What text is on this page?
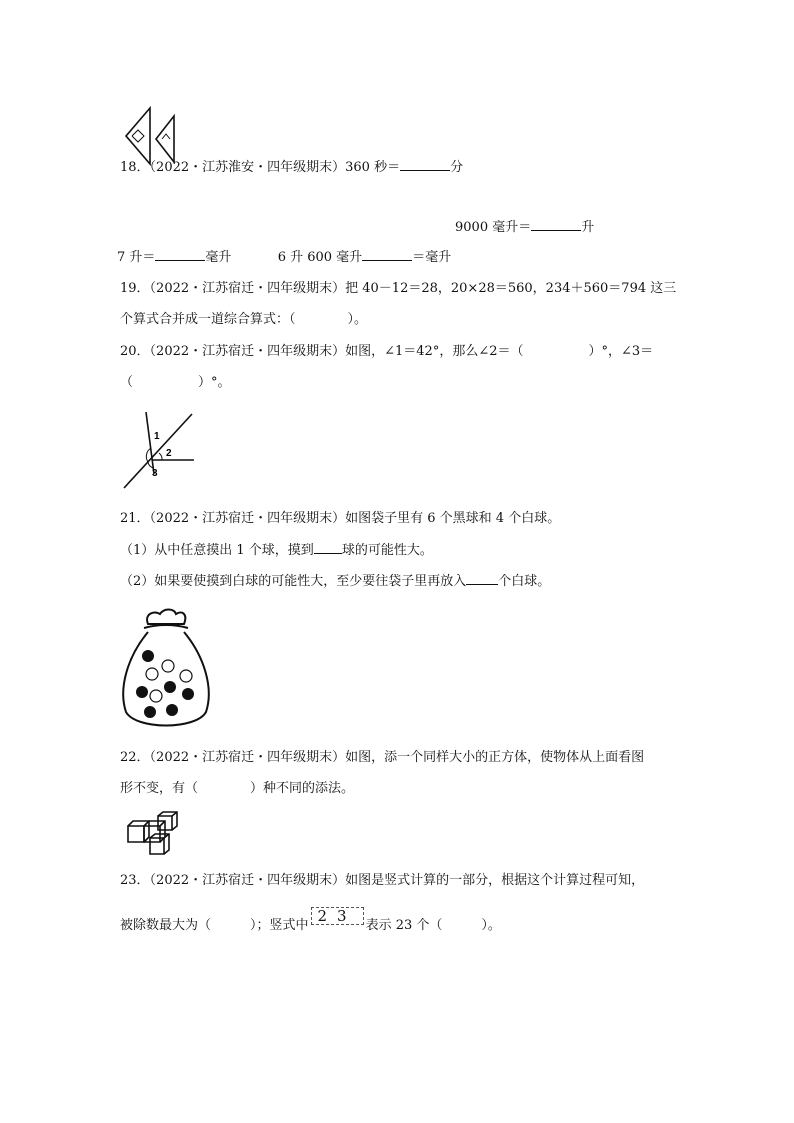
18．（2022・江苏淮安・四年级期末）360 秒＝	分
9000 毫升＝	升
7 升＝	毫升	6 升 600 毫升	＝毫升
19．（2022・江苏宿迁・四年级期末）把 40－12＝28，20×28＝560，234＋560＝794 这三
个算式合并成一道综合算式：（　　　　）。
20．（2022・江苏宿迁・四年级期末）如图，∠1＝42°，那么∠2＝（　　　　　）°，∠3＝
（　　　　　）°。
1
2
3
21．（2022・江苏宿迁・四年级期末）如图袋子里有 6 个黑球和 4 个白球。
（1）从中任意摸出 1 个球，摸到 球的可能性大。
（2）如果要使摸到白球的可能性大，至少要往袋子里再放入 个白球。
22．（2022・江苏宿迁・四年级期末）如图，添一个同样大小的正方体，使物体从上面看图
形不变，有（　　　　）种不同的添法。
23．（2022・江苏宿迁・四年级期末）如图是竖式计算的一部分，根据这个计算过程可知，
被除数最大为（　　　）；竖式中23表示 23 个（　　　）。
